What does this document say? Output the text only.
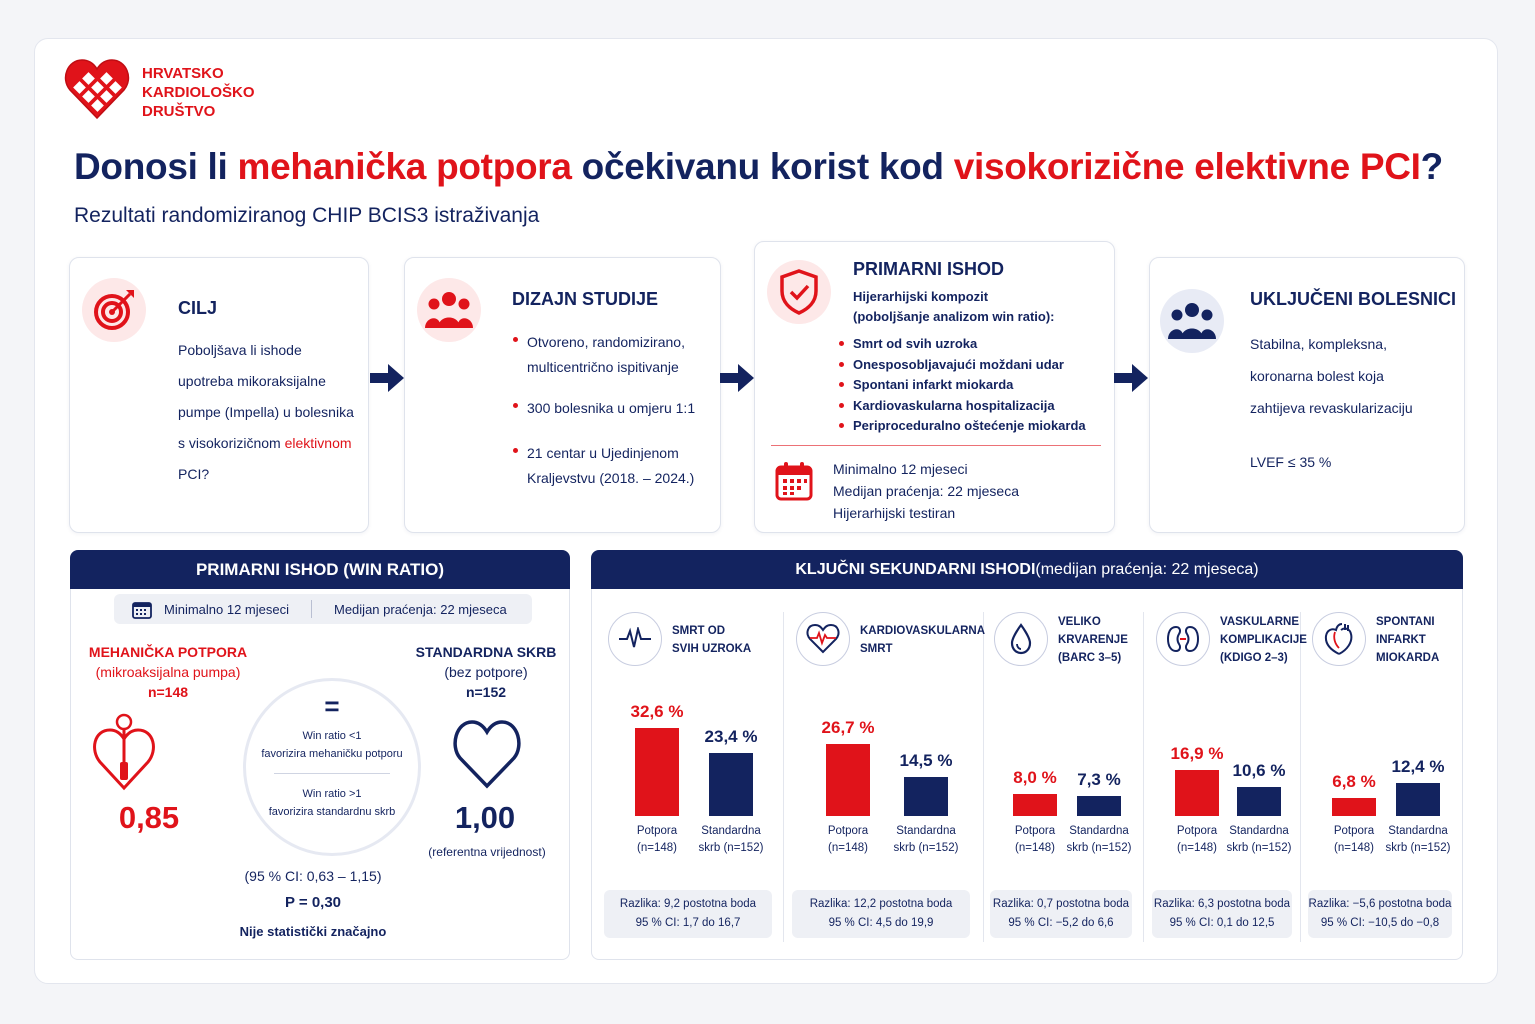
HRVATSKO
KARDIOLOŠKO
DRUŠTVO
Donosi li mehanička potpora očekivanu korist kod visokorizične elektivne PCI?
Rezultati randomiziranog CHIP BCIS3 istraživanja
CILJ
Poboljšava li ishode
upotreba mikoraksijalne
pumpe (Impella) u bolesnika
s visokorizičnom elektivnom
PCI?
DIZAJN STUDIJE
Otvoreno, randomizirano,
multicentrično ispitivanje
300 bolesnika u omjeru 1:1
21 centar u Ujedinjenom
Kraljevstvu (2018. – 2024.)
PRIMARNI ISHOD
Hijerarhijski kompozit
(poboljšanje analizom win ratio):
Smrt od svih uzroka
Onesposobljavajući moždani udar
Spontani infarkt miokarda
Kardiovaskularna hospitalizacija
Periproceduralno oštećenje miokarda
Minimalno 12 mjeseci
Medijan praćenja: 22 mjeseca
Hijerarhijski testiran
UKLJUČENI BOLESNICI
Stabilna, kompleksna,
koronarna bolest koja
zahtijeva revaskularizaciju
LVEF ≤ 35 %
PRIMARNI ISHOD (WIN RATIO)
Minimalno 12 mjeseci	Medijan praćenja: 22 mjeseca
MEHANIČKA POTPORA
(mikroaksijalna pumpa)
n=148
0,85
STANDARDNA SKRB
(bez potpore)
n=152
1,00
(referentna vrijednost)
=
Win ratio <1
favorizira mehaničku potporu
Win ratio >1
favorizira standardnu skrb
(95 % CI: 0,63 – 1,15)
P = 0,30
Nije statistički značajno
KLJUČNI SEKUNDARNI ISHODI (medijan praćenja: 22 mjeseca)
SMRT OD
SVIH UZROKA
32,6 %
23,4 %
Potpora
(n=148)
Standardna
skrb (n=152)
Razlika: 9,2 postotna boda
95 % CI: 1,7 do 16,7
KARDIOVASKULARNA
SMRT
26,7 %
14,5 %
Potpora
(n=148)
Standardna
skrb (n=152)
Razlika: 12,2 postotna boda
95 % CI: 4,5 do 19,9
VELIKO
KRVARENJE
(BARC 3–5)
8,0 %	7,3 %
Potpora
(n=148)
Standardna
skrb (n=152)
Razlika: 0,7 postotna boda
95 % CI: −5,2 do 6,6
VASKULARNE
KOMPLIKACIJE
(KDIGO 2–3)
16,9 %
10,6 %
Potpora
(n=148)
Standardna
skrb (n=152)
Razlika: 6,3 postotna boda
95 % CI: 0,1 do 12,5
SPONTANI
INFARKT
MIOKARDA
6,8 %
12,4 %
Potpora
(n=148)
Standardna
skrb (n=152)
Razlika: −5,6 postotna boda
95 % CI: −10,5 do −0,8
